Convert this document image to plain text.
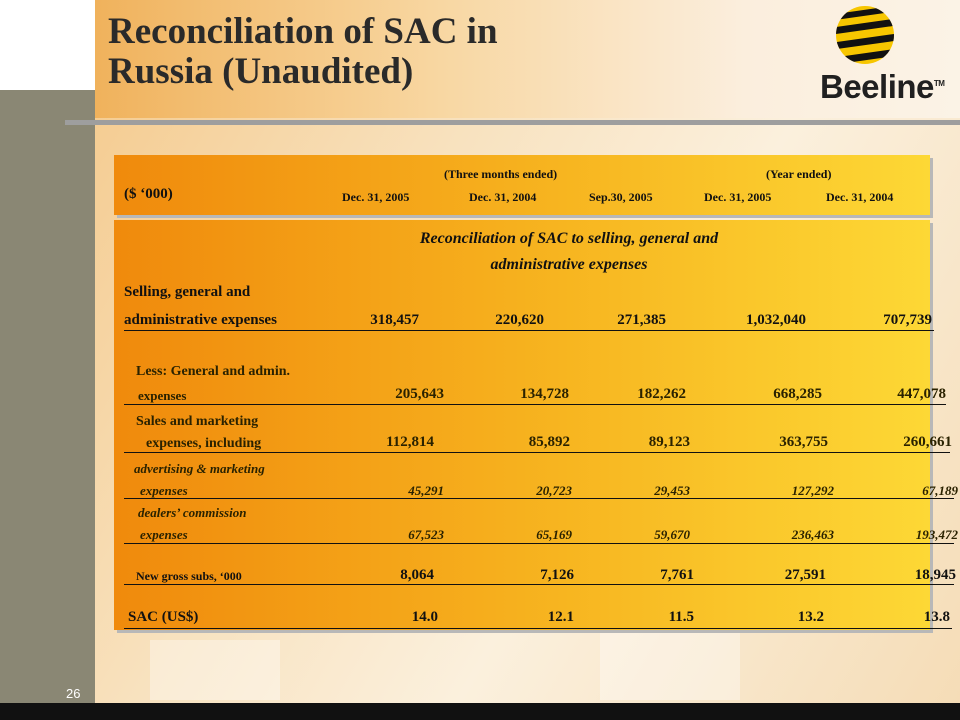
Reconciliation of SAC in
Russia (Unaudited)	Beeline™
(Three months ended)	(Year ended)
($ ‘000)	Dec. 31, 2005	Dec. 31, 2004	Sep.30, 2005	Dec. 31, 2005	Dec. 31, 2004
Reconciliation of SAC to selling, general and
administrative expenses
Selling, general and
administrative expenses	318,457	220,620	271,385	1,032,040	707,739
Less: General and admin.
expenses	205,643	134,728	182,262	668,285	447,078
Sales and marketing
expenses, including	112,814	85,892	89,123	363,755	260,661
advertising & marketing
expenses	45,291	20,723	29,453	127,292	67,189
dealers’ commission
expenses	67,523	65,169	59,670	236,463	193,472
New gross subs, ‘000	8,064	7,126	7,761	27,591	18,945
SAC (US$)	14.0	12.1	11.5	13.2	13.8
26
